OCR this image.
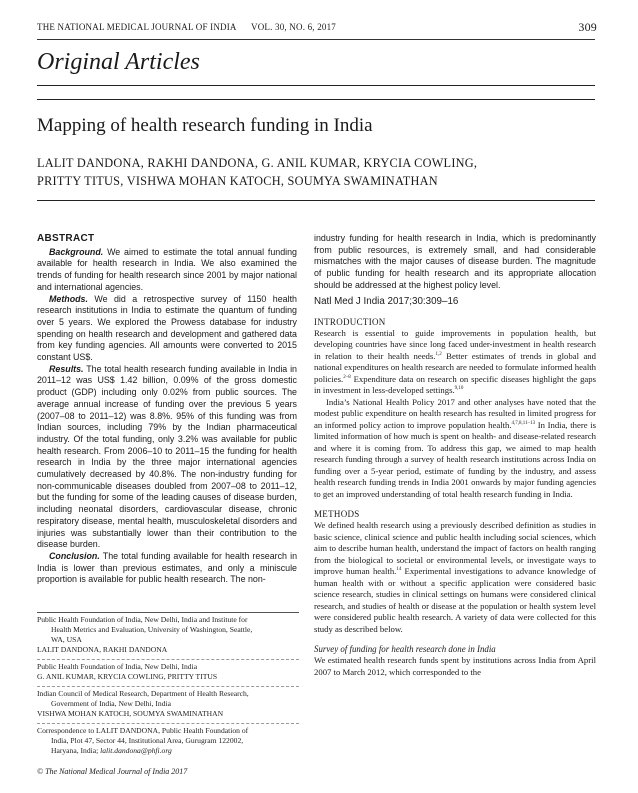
THE NATIONAL MEDICAL JOURNAL OF INDIA VOL. 30, NO. 6, 2017	309
Original Articles
Mapping of health research funding in India
LALIT DANDONA, RAKHI DANDONA, G. ANIL KUMAR, KRYCIA COWLING,
PRITTY TITUS, VISHWA MOHAN KATOCH, SOUMYA SWAMINATHAN
ABSTRACT

Background. We aimed to estimate the total annual funding available for health research in India. We also examined the trends of funding for health research since 2001 by major national and international agencies.

Methods. We did a retrospective survey of 1150 health research institutions in India to estimate the quantum of funding over 5 years. We explored the Prowess database for industry spending on health research and development and gathered data from key funding agencies. All amounts were converted to 2015 constant US$.

Results. The total health research funding available in India in 2011–12 was US$ 1.42 billion, 0.09% of the gross domestic product (GDP) including only 0.02% from public sources. The average annual increase of funding over the previous 5 years (2007–08 to 2011–12) was 8.8%. 95% of this funding was from Indian sources, including 79% by the Indian pharmaceutical industry. Of the total funding, only 3.2% was available for public health research. From 2006–10 to 2011–15 the funding for health research in India by the three major international agencies cumulatively decreased by 40.8%. The non-industry funding for non-communicable diseases doubled from 2007–08 to 2011–12, but the funding for some of the leading causes of disease burden, including neonatal disorders, cardiovascular disease, chronic respiratory disease, mental health, musculoskeletal disorders and injuries was substantially lower than their contribution to the disease burden.

Conclusion. The total funding available for health research in India is lower than previous estimates, and only a miniscule proportion is available for public health research. The non-

Public Health Foundation of India, New Delhi, India and Institute for
Health Metrics and Evaluation, University of Washington, Seattle,
WA, USA
LALIT DANDONA, RAKHI DANDONA
Public Health Foundation of India, New Delhi, India
G. ANIL KUMAR, KRYCIA COWLING, PRITTY TITUS
Indian Council of Medical Research, Department of Health Research,
Government of India, New Delhi, India
VISHWA MOHAN KATOCH, SOUMYA SWAMINATHAN
Correspondence to LALIT DANDONA, Public Health Foundation of
India, Plot 47, Sector 44, Institutional Area, Gurugram 122002,
Haryana, India; lalit.dandona@phfi.org
© The National Medical Journal of India 2017

industry funding for health research in India, which is predominantly from public resources, is extremely small, and had considerable mismatches with the major causes of disease burden. The magnitude of public funding for health research and its appropriate allocation should be addressed at the highest policy level.

Natl Med J India 2017;30:309–16
INTRODUCTION

Research is essential to guide improvements in population health, but developing countries have since long faced under-investment in health research in relation to their health needs.$^{1,2}$ Better estimates of trends in global and national expenditures on health research are needed to formulate informed health policies.$^{2-8}$ Expenditure data on research on specific diseases highlight the gaps in investment in less-developed settings.$^{9,10}$

India’s National Health Policy 2017 and other analyses have noted that the modest public expenditure on health research has resulted in limited progress for an informed policy action to improve population health.$^{4,7,8,11-13}$ In India, there is limited information of how much is spent on health- and disease-related research and where it is coming from. To address this gap, we aimed to map health research funding through a survey of health research institutions across India on funding over a 5-year period, estimate of funding by the industry, and assess health research funding trends in India 2001 onwards by major funding agencies to get an improved understanding of total health research funding in India.

METHODS

We defined health research using a previously described definition as studies in basic science, clinical science and public health including social sciences, which aim to describe human health, understand the impact of factors on health ranging from the biological to societal or environmental levels, or investigate ways to improve human health.$^{14}$ Experimental investigations to advance knowledge of human health with or without a specific application were considered basic science research, studies in clinical settings on humans were considered clinical research, and studies of health or disease at the population or health system level were considered public health research. A variety of data were collected for this study as described below.

Survey of funding for health research done in India

We estimated health research funds spent by institutions across India from April 2007 to March 2012, which corresponded to the
